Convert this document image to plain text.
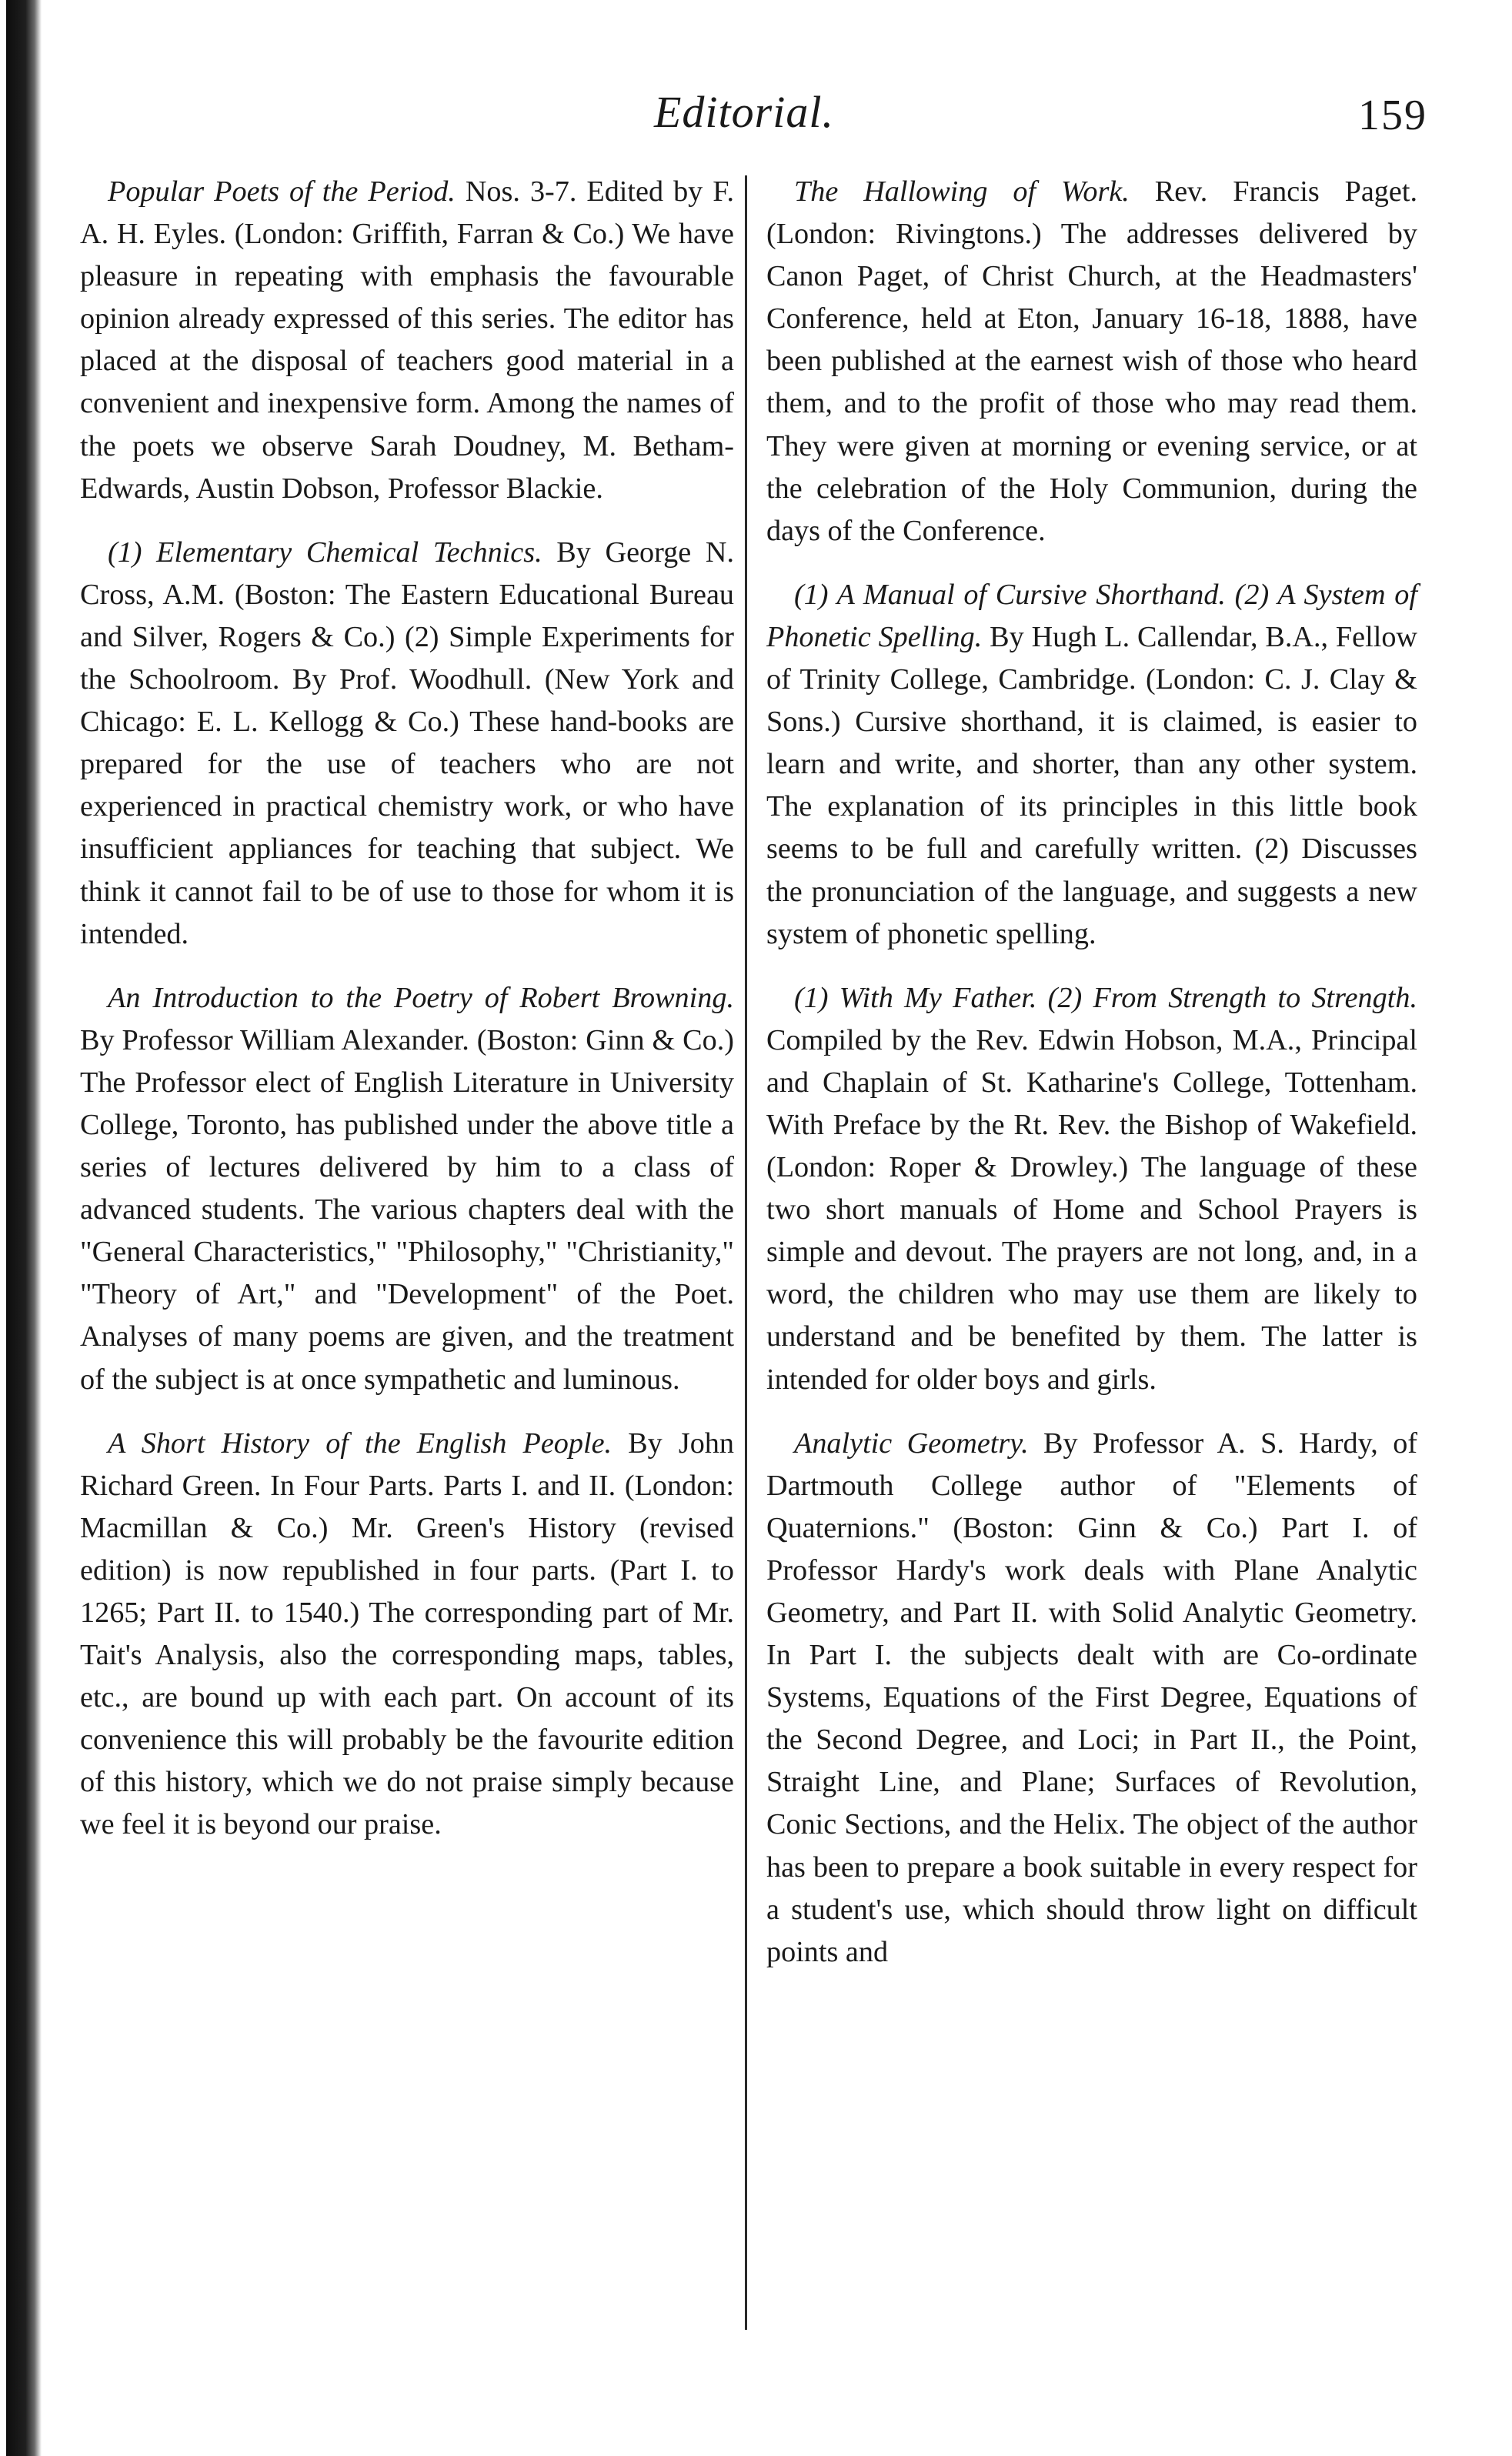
Editorial.	159

Popular Poets of the Period. Nos. 3-7. Edited by F. A. H. Eyles. (London: Griffith, Farran & Co.) We have pleasure in repeating with emphasis the favourable opinion already expressed of this series. The editor has placed at the disposal of teachers good material in a convenient and inexpensive form. Among the names of the poets we observe Sarah Doudney, M. Betham-Edwards, Austin Dobson, Professor Blackie.

(1) Elementary Chemical Technics. By George N. Cross, A.M. (Boston: The Eastern Educational Bureau and Silver, Rogers & Co.) (2) Simple Experiments for the Schoolroom. By Prof. Woodhull. (New York and Chicago: E. L. Kellogg & Co.) These hand-books are prepared for the use of teachers who are not experienced in practical chemistry work, or who have insufficient appliances for teaching that subject. We think it cannot fail to be of use to those for whom it is intended.

An Introduction to the Poetry of Robert Browning. By Professor William Alexander. (Boston: Ginn & Co.) The Professor elect of English Literature in University College, Toronto, has published under the above title a series of lectures delivered by him to a class of advanced students. The various chapters deal with the "General Characteristics," "Philosophy," "Christianity," "Theory of Art," and "Development" of the Poet. Analyses of many poems are given, and the treatment of the subject is at once sympathetic and luminous.

A Short History of the English People. By John Richard Green. In Four Parts. Parts I. and II. (London: Macmillan & Co.) Mr. Green's History (revised edition) is now republished in four parts. (Part I. to 1265; Part II. to 1540.) The corresponding part of Mr. Tait's Analysis, also the corresponding maps, tables, etc., are bound up with each part. On account of its convenience this will probably be the favourite edition of this history, which we do not praise simply because we feel it is beyond our praise.

The Hallowing of Work. Rev. Francis Paget. (London: Rivingtons.) The addresses delivered by Canon Paget, of Christ Church, at the Headmasters' Conference, held at Eton, January 16-18, 1888, have been published at the earnest wish of those who heard them, and to the profit of those who may read them. They were given at morning or evening service, or at the celebration of the Holy Communion, during the days of the Conference.

(1) A Manual of Cursive Shorthand. (2) A System of Phonetic Spelling. By Hugh L. Callendar, B.A., Fellow of Trinity College, Cambridge. (London: C. J. Clay & Sons.) Cursive shorthand, it is claimed, is easier to learn and write, and shorter, than any other system. The explanation of its principles in this little book seems to be full and carefully written. (2) Discusses the pronunciation of the language, and suggests a new system of phonetic spelling.

(1) With My Father. (2) From Strength to Strength. Compiled by the Rev. Edwin Hobson, M.A., Principal and Chaplain of St. Katharine's College, Tottenham. With Preface by the Rt. Rev. the Bishop of Wakefield. (London: Roper & Drowley.) The language of these two short manuals of Home and School Prayers is simple and devout. The prayers are not long, and, in a word, the children who may use them are likely to understand and be benefited by them. The latter is intended for older boys and girls.

Analytic Geometry. By Professor A. S. Hardy, of Dartmouth College author of "Elements of Quaternions." (Boston: Ginn & Co.) Part I. of Professor Hardy's work deals with Plane Analytic Geometry, and Part II. with Solid Analytic Geometry. In Part I. the subjects dealt with are Co-ordinate Systems, Equations of the First Degree, Equations of the Second Degree, and Loci; in Part II., the Point, Straight Line, and Plane; Surfaces of Revolution, Conic Sections, and the Helix. The object of the author has been to prepare a book suitable in every respect for a student's use, which should throw light on difficult points and
